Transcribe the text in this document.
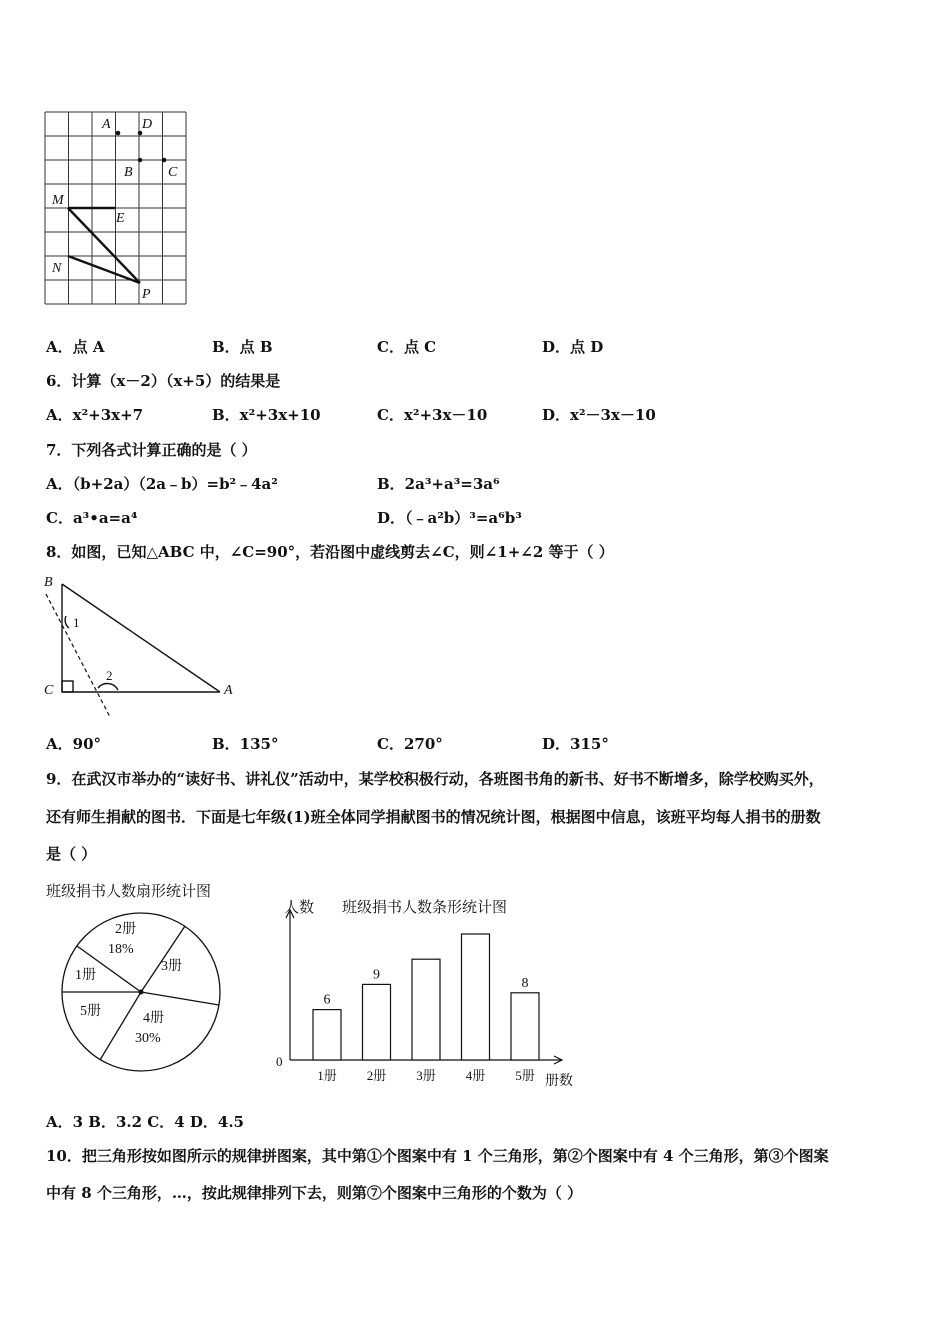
A D
B	C
M
E
N
P
A．点 A	B．点 B	C．点 C	D．点 D
6．计算（x－2）（x+5）的结果是
A．x²+3x+7	B．x²+3x+10	C．x²+3x－10	D．x²－3x－10
7．下列各式计算正确的是（ ）
A．（b+2a）（2a﹣b）=b²﹣4a²	B．2a³+a³=3a⁶
C．a³•a=a⁴	D．（﹣a²b）³=a⁶b³
8．如图，已知△ABC 中，∠C=90°，若沿图中虚线剪去∠C，则∠1+∠2 等于（ ）
B
C	A
1
2
A．90°	B．135°	C．270°	D．315°
9．在武汉市举办的“读好书、讲礼仪”活动中，某学校积极行动，各班图书角的新书、好书不断增多，除学校购买外，
还有师生捐献的图书．下面是七年级(1)班全体同学捐献图书的情况统计图，根据图中信息，该班平均每人捐书的册数
是（ ）
班级捐书人数扇形统计图
2册
18%
3册
1册
5册	4册
30%
人数 班级捐书人数条形统计图
0
册数
6
1册
9
2册 3册 4册
8
5册
A．3 B．3.2 C．4 D．4.5
10．把三角形按如图所示的规律拼图案，其中第①个图案中有 1 个三角形，第②个图案中有 4 个三角形，第③个图案
中有 8 个三角形，…，按此规律排列下去，则第⑦个图案中三角形的个数为（ ）
